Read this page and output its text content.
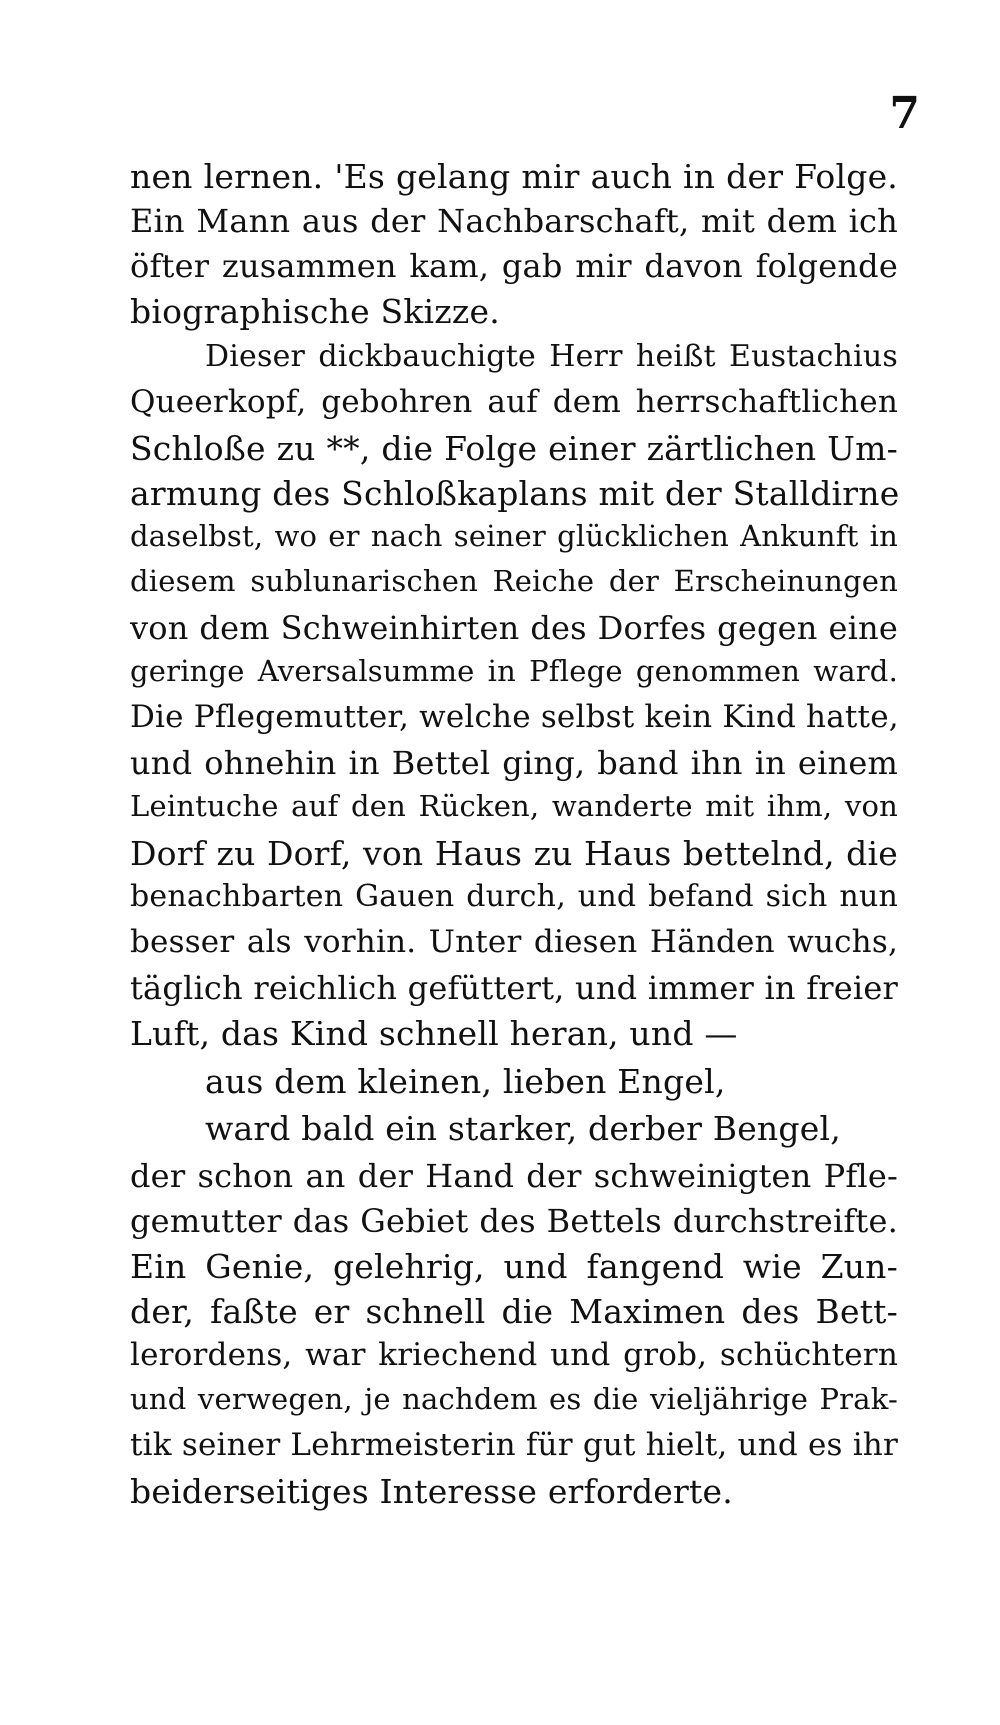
7
nen lernen. 'Es gelang mir auch in der Folge.
Ein Mann aus der Nachbarschaft, mit dem ich
öfter zusammen kam, gab mir davon folgende
biographische Skizze.
Dieser dickbauchigte Herr heißt Eustachius
Queerkopf, gebohren auf dem herrschaftlichen
Schloße zu **, die Folge einer zärtlichen Um-
armung des Schloßkaplans mit der Stalldirne
daselbst, wo er nach seiner glücklichen Ankunft in
diesem sublunarischen Reiche der Erscheinungen
von dem Schweinhirten des Dorfes gegen eine
geringe Aversalsumme in Pflege genommen ward.
Die Pflegemutter, welche selbst kein Kind hatte,
und ohnehin in Bettel ging, band ihn in einem
Leintuche auf den Rücken, wanderte mit ihm, von
Dorf zu Dorf, von Haus zu Haus bettelnd, die
benachbarten Gauen durch, und befand sich nun
besser als vorhin. Unter diesen Händen wuchs,
täglich reichlich gefüttert, und immer in freier
Luft, das Kind schnell heran, und —
aus dem kleinen, lieben Engel,
ward bald ein starker, derber Bengel,
der schon an der Hand der schweinigten Pfle-
gemutter das Gebiet des Bettels durchstreifte.
Ein Genie, gelehrig, und fangend wie Zun-
der, faßte er schnell die Maximen des Bett-
lerordens, war kriechend und grob, schüchtern
und verwegen, je nachdem es die vieljährige Prak-
tik seiner Lehrmeisterin für gut hielt, und es ihr
beiderseitiges Interesse erforderte.
